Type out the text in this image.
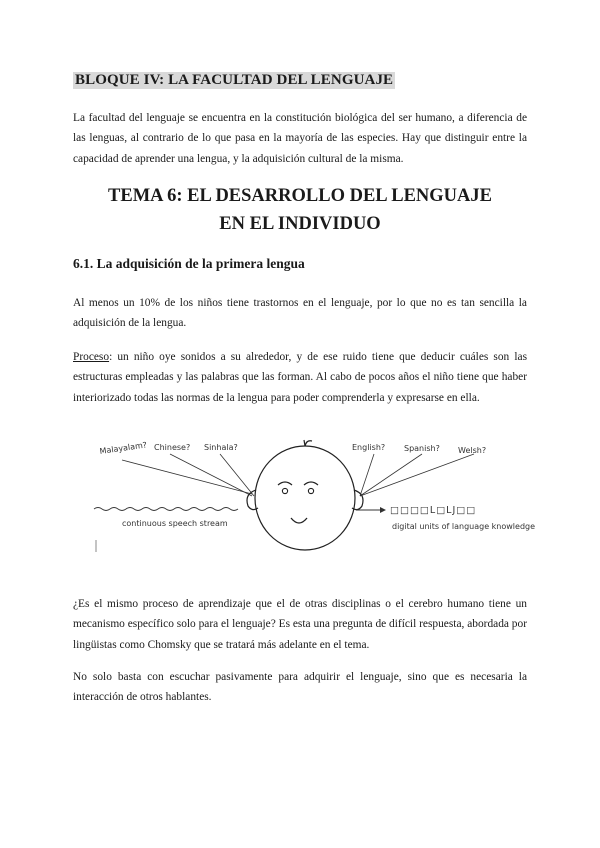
BLOQUE IV: LA FACULTAD DEL LENGUAJE

La facultad del lenguaje se encuentra en la constitución biológica del ser humano, a diferencia de las lenguas, al contrario de lo que pasa en la mayoría de las especies. Hay que distinguir entre la capacidad de aprender una lengua, y la adquisición cultural de la misma.

TEMA 6: EL DESARROLLO DEL LENGUAJE
EN EL INDIVIDUO
6.1. La adquisición de la primera lengua

Al menos un 10% de los niños tiene trastornos en el lenguaje, por lo que no es tan sencilla la adquisición de la lengua.

Proceso: un niño oye sonidos a su alrededor, y de ese ruido tiene que deducir cuáles son las estructuras empleadas y las palabras que las forman. Al cabo de pocos años el niño tiene que haber interiorizado todas las normas de la lengua para poder comprenderla y expresarse en ella.

Malayalam? Chinese? Sinhala?	English? Spanish? Welsh?
continuous speech stream
□□□□L□LJ□□
digital units of language knowledge

¿Es el mismo proceso de aprendizaje que el de otras disciplinas o el cerebro humano tiene un mecanismo específico solo para el lenguaje? Es esta una pregunta de difícil respuesta, abordada por lingüistas como Chomsky que se tratará más adelante en el tema.

No solo basta con escuchar pasivamente para adquirir el lenguaje, sino que es necesaria la interacción de otros hablantes.
